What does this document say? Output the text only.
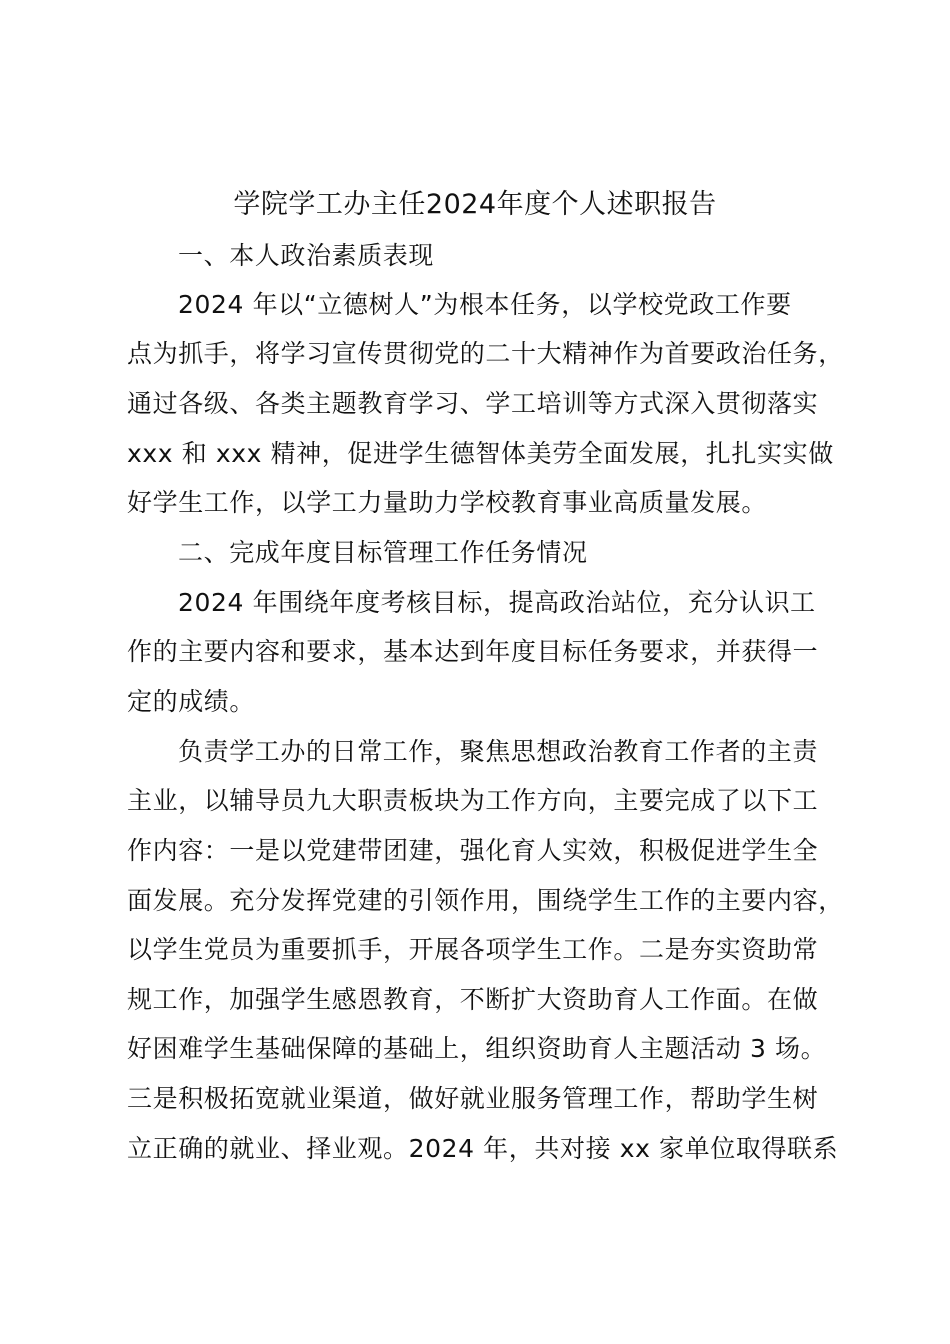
学院学工办主任2024年度个人述职报告

一、本人政治素质表现

2024 年以“立德树人”为根本任务，以学校党政工作要

点为抓手，将学习宣传贯彻党的二十大精神作为首要政治任务，

通过各级、各类主题教育学习、学工培训等方式深入贯彻落实

xxx 和 xxx 精神，促进学生德智体美劳全面发展，扎扎实实做

好学生工作，以学工力量助力学校教育事业高质量发展。

二、完成年度目标管理工作任务情况

2024 年围绕年度考核目标，提高政治站位，充分认识工

作的主要内容和要求，基本达到年度目标任务要求，并获得一

定的成绩。

负责学工办的日常工作，聚焦思想政治教育工作者的主责

主业，以辅导员九大职责板块为工作方向，主要完成了以下工

作内容：一是以党建带团建，强化育人实效，积极促进学生全

面发展。充分发挥党建的引领作用，围绕学生工作的主要内容，

以学生党员为重要抓手，开展各项学生工作。二是夯实资助常

规工作，加强学生感恩教育，不断扩大资助育人工作面。在做

好困难学生基础保障的基础上，组织资助育人主题活动 3 场。

三是积极拓宽就业渠道，做好就业服务管理工作，帮助学生树

立正确的就业、择业观。2024 年，共对接 xx 家单位取得联系
